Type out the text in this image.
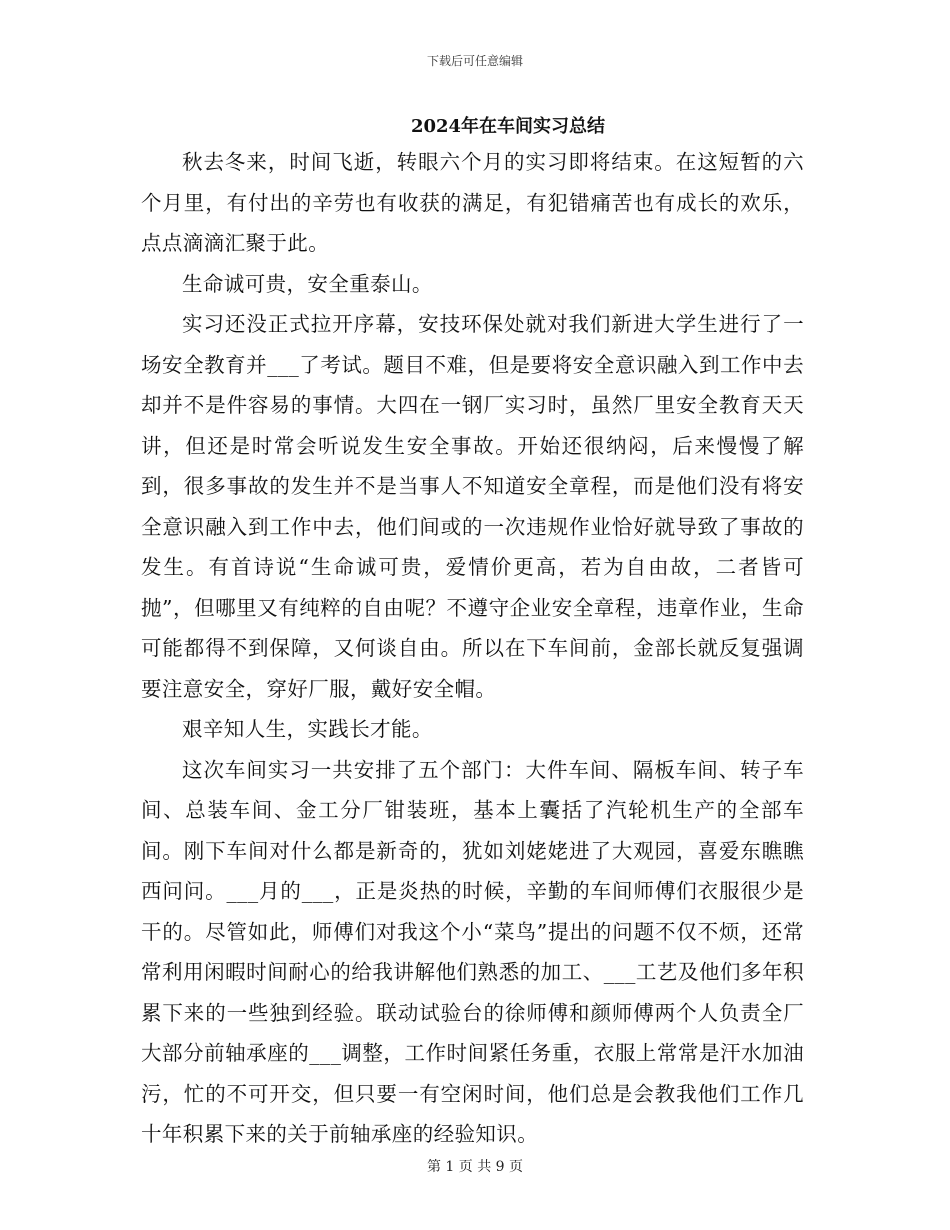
下载后可任意编辑
2024年在车间实习总结

秋去冬来，时间飞逝，转眼六个月的实习即将结束。在这短暂的六个月里，有付出的辛劳也有收获的满足，有犯错痛苦也有成长的欢乐，点点滴滴汇聚于此。

生命诚可贵，安全重泰山。

实习还没正式拉开序幕，安技环保处就对我们新进大学生进行了一场安全教育并___了考试。题目不难，但是要将安全意识融入到工作中去却并不是件容易的事情。大四在一钢厂实习时，虽然厂里安全教育天天讲，但还是时常会听说发生安全事故。开始还很纳闷，后来慢慢了解到，很多事故的发生并不是当事人不知道安全章程，而是他们没有将安全意识融入到工作中去，他们间或的一次违规作业恰好就导致了事故的发生。有首诗说“生命诚可贵，爱情价更高，若为自由故，二者皆可抛”，但哪里又有纯粹的自由呢？不遵守企业安全章程，违章作业，生命可能都得不到保障，又何谈自由。所以在下车间前，金部长就反复强调要注意安全，穿好厂服，戴好安全帽。

艰辛知人生，实践长才能。

这次车间实习一共安排了五个部门：大件车间、隔板车间、转子车间、总装车间、金工分厂钳装班，基本上囊括了汽轮机生产的全部车间。刚下车间对什么都是新奇的，犹如刘姥姥进了大观园，喜爱东瞧瞧西问问。___月的___，正是炎热的时候，辛勤的车间师傅们衣服很少是干的。尽管如此，师傅们对我这个小“菜鸟”提出的问题不仅不烦，还常常利用闲暇时间耐心的给我讲解他们熟悉的加工、___工艺及他们多年积累下来的一些独到经验。联动试验台的徐师傅和颜师傅两个人负责全厂大部分前轴承座的___调整，工作时间紧任务重，衣服上常常是汗水加油污，忙的不可开交，但只要一有空闲时间，他们总是会教我他们工作几十年积累下来的关于前轴承座的经验知识。

第 1 页 共 9 页
